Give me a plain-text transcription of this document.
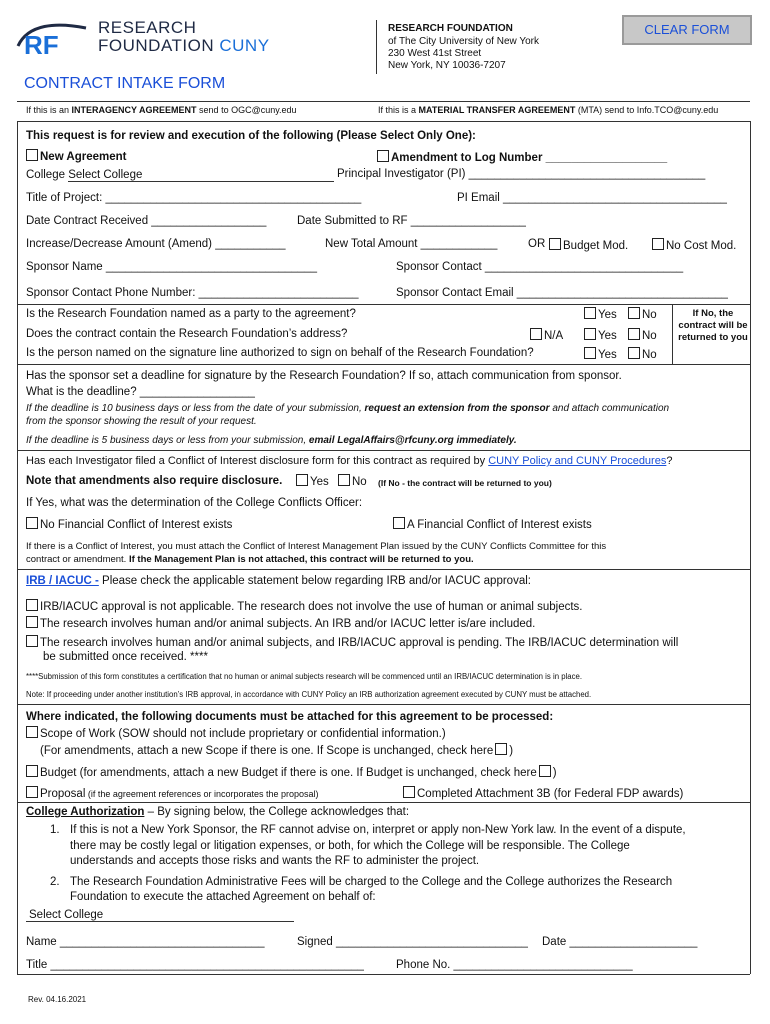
RF
RESEARCH
FOUNDATION CUNY
RESEARCH FOUNDATION
of The City University of New York
230 West 41st Street
New York, NY 10036-7207
CLEAR FORM
CONTRACT INTAKE FORM
If this is an INTERAGENCY AGREEMENT send to OGC@cuny.edu	If this is a MATERIAL TRANSFER AGREEMENT (MTA) send to Info.TCO@cuny.edu
This request is for review and execution of the following (Please Select Only One):
New Agreement	Amendment to Log Number ___________________
College Select College	Principal Investigator (PI) _____________________________________
Title of Project: ________________________________________	PI Email ___________________________________
Date Contract Received __________________	Date Submitted to RF __________________
Increase/Decrease Amount (Amend) ___________	New Total Amount ____________	OR	Budget Mod.	No Cost Mod.
Sponsor Name _________________________________	Sponsor Contact _______________________________
Sponsor Contact Phone Number: _________________________	Sponsor Contact Email _________________________________
Is the Research Foundation named as a party to the agreement?	Yes	No
Does the contract contain the Research Foundation’s address?	N/A	Yes	No
Is the person named on the signature line authorized to sign on behalf of the Research Foundation?	Yes	No
If No, the contract will be returned to you
Has the sponsor set a deadline for signature by the Research Foundation? If so, attach communication from sponsor.
What is the deadline? __________________
If the deadline is 10 business days or less from the date of your submission, request an extension from the sponsor and attach communication
from the sponsor showing the result of your request.
If the deadline is 5 business days or less from your submission, email LegalAffairs@rfcuny.org immediately.
Has each Investigator filed a Conflict of Interest disclosure form for this contract as required by CUNY Policy and CUNY Procedures?
Note that amendments also require disclosure.	Yes	No (If No - the contract will be returned to you)
If Yes, what was the determination of the College Conflicts Officer:
No Financial Conflict of Interest exists	A Financial Conflict of Interest exists
If there is a Conflict of Interest, you must attach the Conflict of Interest Management Plan issued by the CUNY Conflicts Committee for this
contract or amendment. If the Management Plan is not attached, this contract will be returned to you.
IRB / IACUC - Please check the applicable statement below regarding IRB and/or IACUC approval:
IRB/IACUC approval is not applicable. The research does not involve the use of human or animal subjects.
The research involves human and/or animal subjects. An IRB and/or IACUC letter is/are included.
The research involves human and/or animal subjects, and IRB/IACUC approval is pending. The IRB/IACUC determination will
be submitted once received. ****
****Submission of this form constitutes a certification that no human or animal subjects research will be commenced until an IRB/IACUC determination is in place.
Note: If proceeding under another institution’s IRB approval, in accordance with CUNY Policy an IRB authorization agreement executed by CUNY must be attached.
Where indicated, the following documents must be attached for this agreement to be processed:
Scope of Work (SOW should not include proprietary or confidential information.)
(For amendments, attach a new Scope if there is one. If Scope is unchanged, check here )
Budget (for amendments, attach a new Budget if there is one. If Budget is unchanged, check here )
Proposal (if the agreement references or incorporates the proposal)	Completed Attachment 3B (for Federal FDP awards)
College Authorization – By signing below, the College acknowledges that:
1. If this is not a New York Sponsor, the RF cannot advise on, interpret or apply non-New York law. In the event of a dispute,
there may be costly legal or litigation expenses, or both, for which the College will be responsible. The College
understands and accepts those risks and wants the RF to administer the project.
2. The Research Foundation Administrative Fees will be charged to the College and the College authorizes the Research
Foundation to execute the attached Agreement on behalf of:
Select College
Name ________________________________	Signed ______________________________ Date ____________________
Title _________________________________________________	Phone No. ____________________________
Rev. 04.16.2021
